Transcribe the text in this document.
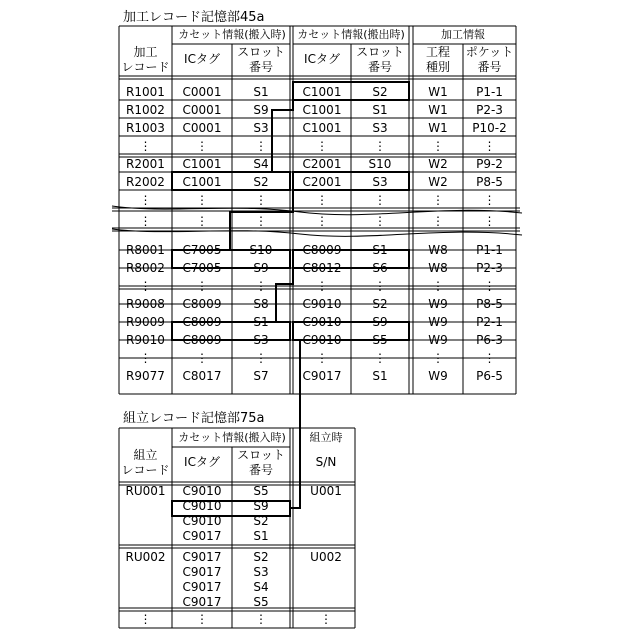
加工レコード記憶部45a
カセット情報(搬入時) カセット情報(搬出時)	加工情報
加工
レコード
ICタグ スロット
番号
ICタグ スロット
番号
工程
種別
ポケット
番号
R1001 C0001	S1	C1001	S2	W1 P1-1
R1002 C0001	S9	C1001	S1	W1 P2-3
R1003 C0001	S3	C1001	S3	W1 P10-2
⋮	⋮	⋮	⋮	⋮	⋮	⋮
R2001 C1001	S4	C2001 S10	W2 P9-2
R2002 C1001	S2	C2001	S3	W2 P8-5
⋮	⋮	⋮	⋮	⋮	⋮	⋮
⋮	⋮	⋮	⋮	⋮	⋮	⋮
R8001 C7005 S10	C8009	S1	W8 P1-1
R8002 C7005	S9	C8012	S6	W8 P2-3
⋮	⋮	⋮	⋮	⋮	⋮	⋮
R9008 C8009	S8	C9010	S2	W9 P8-5
R9009 C8009	S1	C9010	S9	W9 P2-1
R9010 C8009	S3	C9010	S5	W9 P6-3
⋮	⋮	⋮	⋮	⋮	⋮	⋮
R9077 C8017	S7	C9017	S1	W9 P6-5
組立レコード記憶部75a
カセット情報(搬入時) 組立時
組立
レコード
ICタグ スロット
番号
S/N
RU001 C9010	S5	U001
C9010	S9
C9010	S2
C9017	S1
RU002 C9017	S2	U002
C9017	S3
C9017	S4
C9017	S5
⋮	⋮	⋮	⋮
